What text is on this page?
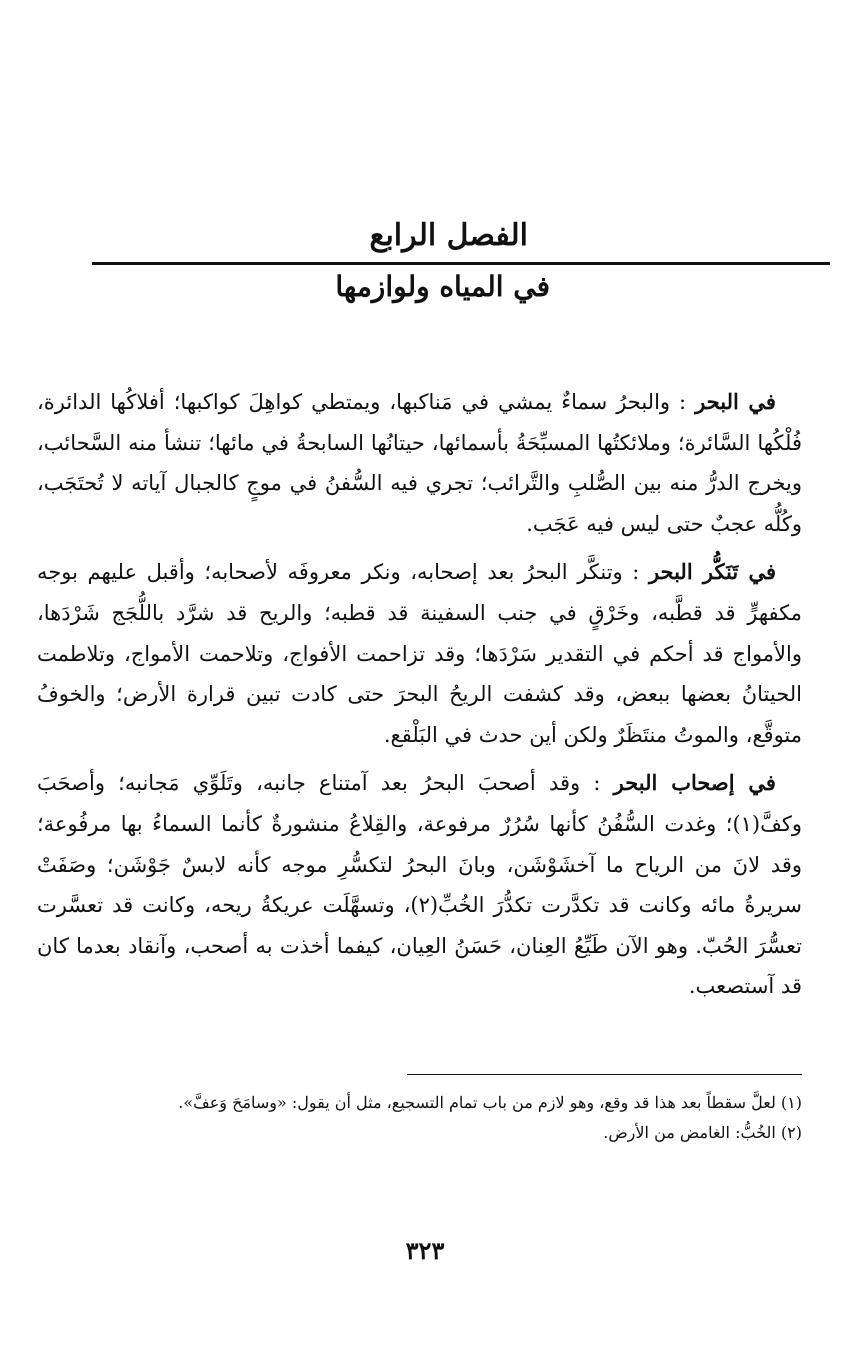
الفصل الرابع
في المياه ولوازمها

في البحر : والبحرُ سماءٌ يمشي في مَناكبها، ويمتطي كواهِلَ كواكبها؛ أفلاكُها الدائرة، فُلْكُها السَّائرة؛ وملائكتُها المسبِّحَةُ بأسمائها، حيتانُها السابحةُ في مائها؛ تنشأ منه السَّحائب، ويخرج الدرُّ منه بين الصُّلبِ والتَّرائب؛ تجري فيه السُّفنُ في موجٍ كالجبال آياته لا تُحتَجَب، وكُلُّه عجبٌ حتى ليس فيه عَجَب.

في تَنَكُّر البحر : وتنكَّر البحرُ بعد إصحابه، ونكر معروفَه لأصحابه؛ وأقبل عليهم بوجه مكفهرٍّ قد قطَّبه، وخَرْقٍ في جنب السفينة قد قطبه؛ والريح قد شرَّد باللُّجَج شَرْدَها، والأمواج قد أحكم في التقدير سَرْدَها؛ وقد تزاحمت الأفواج، وتلاحمت الأمواج، وتلاطمت الحيتانُ بعضها ببعض، وقد كشفت الريحُ البحرَ حتى كادت تبين قرارة الأرض؛ والخوفُ متوقَّع، والموتُ منتَظَرٌ ولكن أين حدث في البَلْقع.

في إصحاب البحر : وقد أصحبَ البحرُ بعد آمتناع جانبه، وتَلَوِّي مَجانبه؛ وأصحَبَ وكفَّ(١)؛ وغدت السُّفُنُ كأنها سُرُرٌ مرفوعة، والقِلاعُ منشورةٌ كأنما السماءُ بها مرفُوعة؛ وقد لانَ من الرياح ما آخشَوْشَن، وبانَ البحرُ لتكسُّرِ موجه كأنه لابسٌ جَوْشَن؛ وصَفَتْ سريرةُ مائه وكانت قد تكدَّرت تكدُّرَ الخُبِّ(٢)، وتسهَّلَت عريكةُ ريحه، وكانت قد تعسَّرت تعسُّرَ الحُبّ. وهو الآن طَيِّعُ العِنان، حَسَنُ العِيان، كيفما أخذت به أصحب، وآنقاد بعدما كان قد آستصعب.

(١) لعلَّ سقطاً بعد هذا قد وقع، وهو لازم من باب تمام التسجيع، مثل أن يقول: «وسامَحَ وَعفَّ».

(٢) الخُبُّ: الغامض من الأرض.

٣٢٣
